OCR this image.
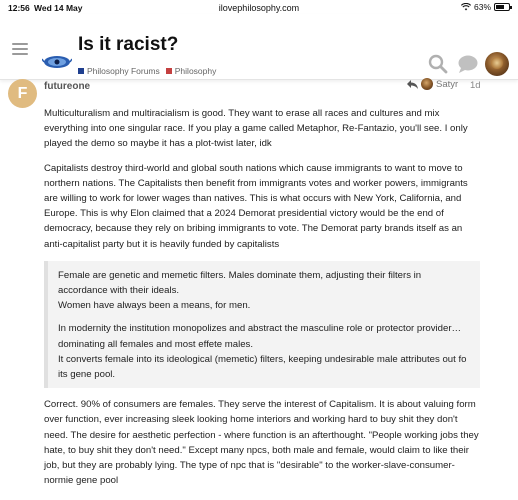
12:56 Wed 14 May	ilovephilosophy.com	63%
Is it racist?
Philosophy Forums Philosophy
F	futureone	Satyr 1d

Multiculturalism and multiracialism is good. They want to erase all races and cultures and mix everything into one singular race. If you play a game called Metaphor, Re-Fantazio, you'll see. I only played the demo so maybe it has a plot-twist later, idk

Capitalists destroy third-world and global south nations which cause immigrants to want to move to northern nations. The Capitalists then benefit from immigrants votes and worker powers, immigrants are willing to work for lower wages than natives. This is what occurs with New York, California, and Europe. This is why Elon claimed that a 2024 Demorat presidential victory would be the end of democracy, because they rely on bribing immigrants to vote. The Demorat party brands itself as an anti-capitalist party but it is heavily funded by capitalists

Female are genetic and memetic filters. Males dominate them, adjusting their filters in accordance with their ideals.
Women have always been a means, for men.

In modernity the institution monopolizes and abstract the masculine role or protector provider…dominating all females and most effete males.
It converts female into its ideological (memetic) filters, keeping undesirable male attributes out fo its gene pool.

Correct. 90% of consumers are females. They serve the interest of Capitalism. It is about valuing form over function, ever increasing sleek looking home interiors and working hard to buy shit they don't need. The desire for aesthetic perfection - where function is an afterthought. "People working jobs they hate, to buy shit they don't need." Except many npcs, both male and female, would claim to like their job, but they are probably lying. The type of npc that is "desirable" to the worker-slave-consumer-normie gene pool
